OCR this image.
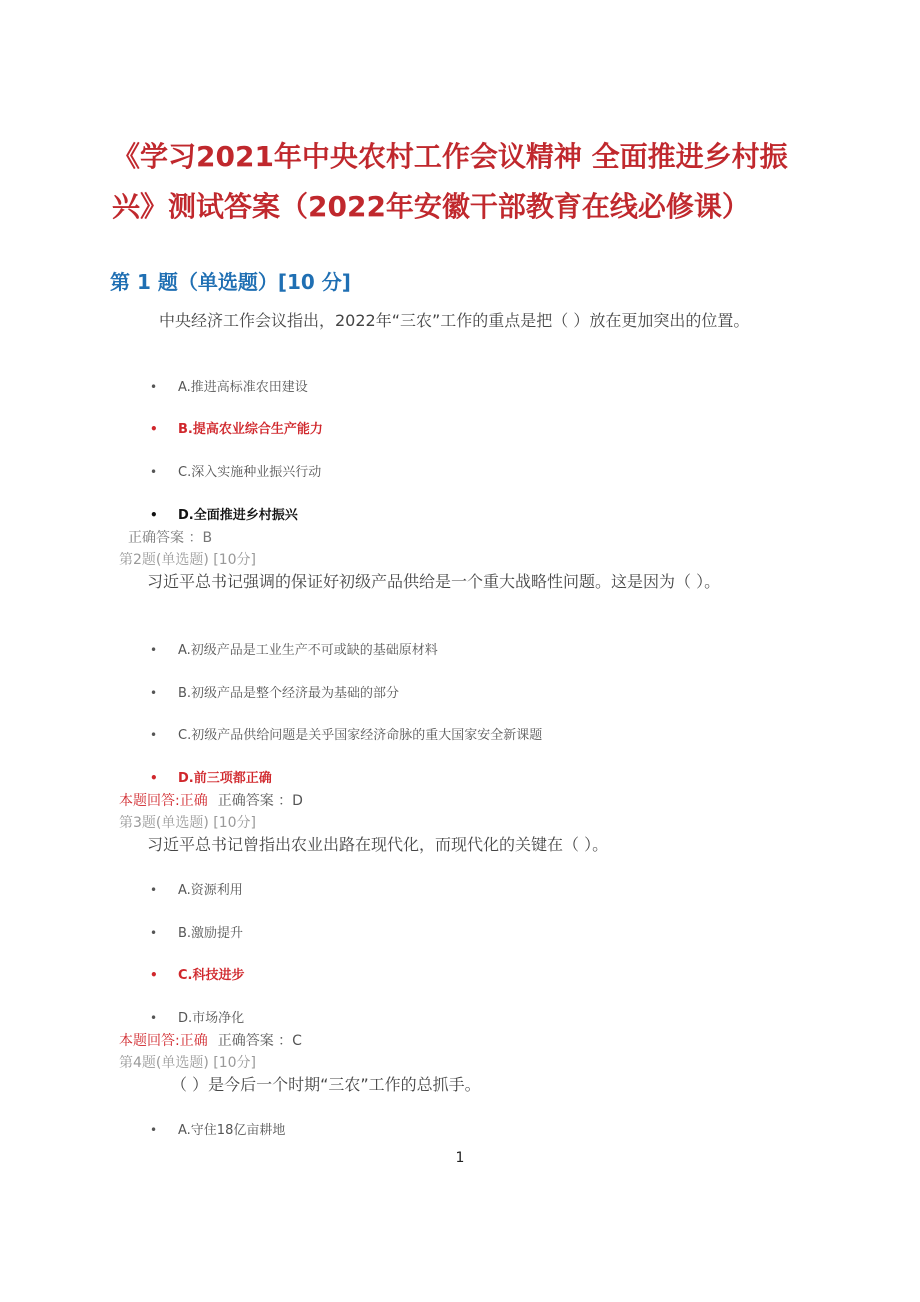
《学习2021年中央农村工作会议精神 全面推进乡村振兴》测试答案（2022年安徽干部教育在线必修课）
第 1 题（单选题）[10 分]

中央经济工作会议指出，2022年“三农”工作的重点是把（ ）放在更加突出的位置。

• A.推进高标准农田建设
• B.提高农业综合生产能力
• C.深入实施种业振兴行动
• D.全面推进乡村振兴
正确答案 ：B
第2题(单选题) [10分]

习近平总书记强调的保证好初级产品供给是一个重大战略性问题。这是因为（ ）。

• A.初级产品是工业生产不可或缺的基础原材料
• B.初级产品是整个经济最为基础的部分
• C.初级产品供给问题是关乎国家经济命脉的重大国家安全新课题
• D.前三项都正确
本题回答:正确 正确答案 ：D
第3题(单选题) [10分]

习近平总书记曾指出农业出路在现代化，而现代化的关键在（ ）。

• A.资源利用
• B.激励提升
• C.科技进步
• D.市场净化
本题回答:正确 正确答案 ：C
第4题(单选题) [10分]

（ ）是今后一个时期“三农”工作的总抓手。

• A.守住18亿亩耕地
1
